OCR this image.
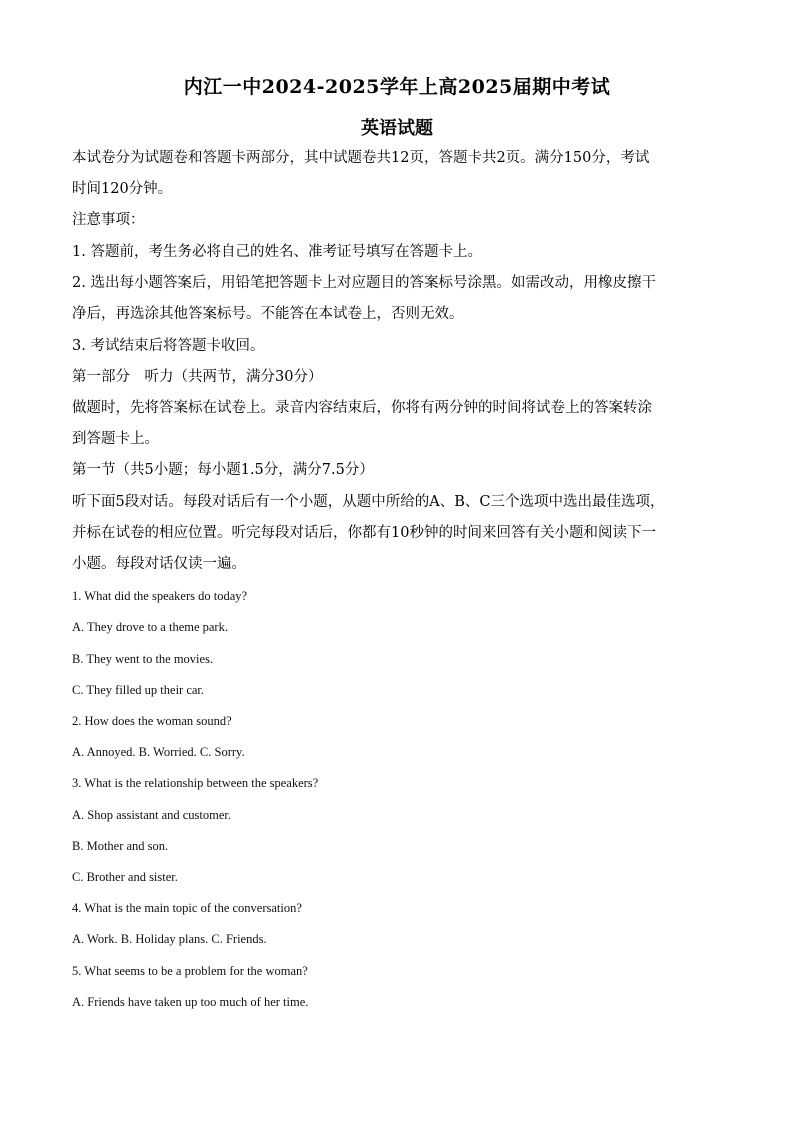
内江一中2024-2025学年上高2025届期中考试
英语试题
本试卷分为试题卷和答题卡两部分，其中试题卷共12页，答题卡共2页。满分150分，考试
时间120分钟。
注意事项：
1. 答题前，考生务必将自己的姓名、准考证号填写在答题卡上。
2. 选出每小题答案后，用铅笔把答题卡上对应题目的答案标号涂黑。如需改动，用橡皮擦干
净后，再选涂其他答案标号。不能答在本试卷上，否则无效。
3. 考试结束后将答题卡收回。
第一部分　听力（共两节，满分30分）
做题时，先将答案标在试卷上。录音内容结束后，你将有两分钟的时间将试卷上的答案转涂
到答题卡上。
第一节（共5小题；每小题1.5分，满分7.5分）
听下面5段对话。每段对话后有一个小题，从题中所给的A、B、C三个选项中选出最佳选项，
并标在试卷的相应位置。听完每段对话后，你都有10秒钟的时间来回答有关小题和阅读下一
小题。每段对话仅读一遍。
1. What did the speakers do today?
A. They drove to a theme park.
B. They went to the movies.
C. They filled up their car.
2. How does the woman sound?
A. Annoyed. B. Worried. C. Sorry.
3. What is the relationship between the speakers?
A. Shop assistant and customer.
B. Mother and son.
C. Brother and sister.
4. What is the main topic of the conversation?
A. Work. B. Holiday plans. C. Friends.
5. What seems to be a problem for the woman?
A. Friends have taken up too much of her time.
